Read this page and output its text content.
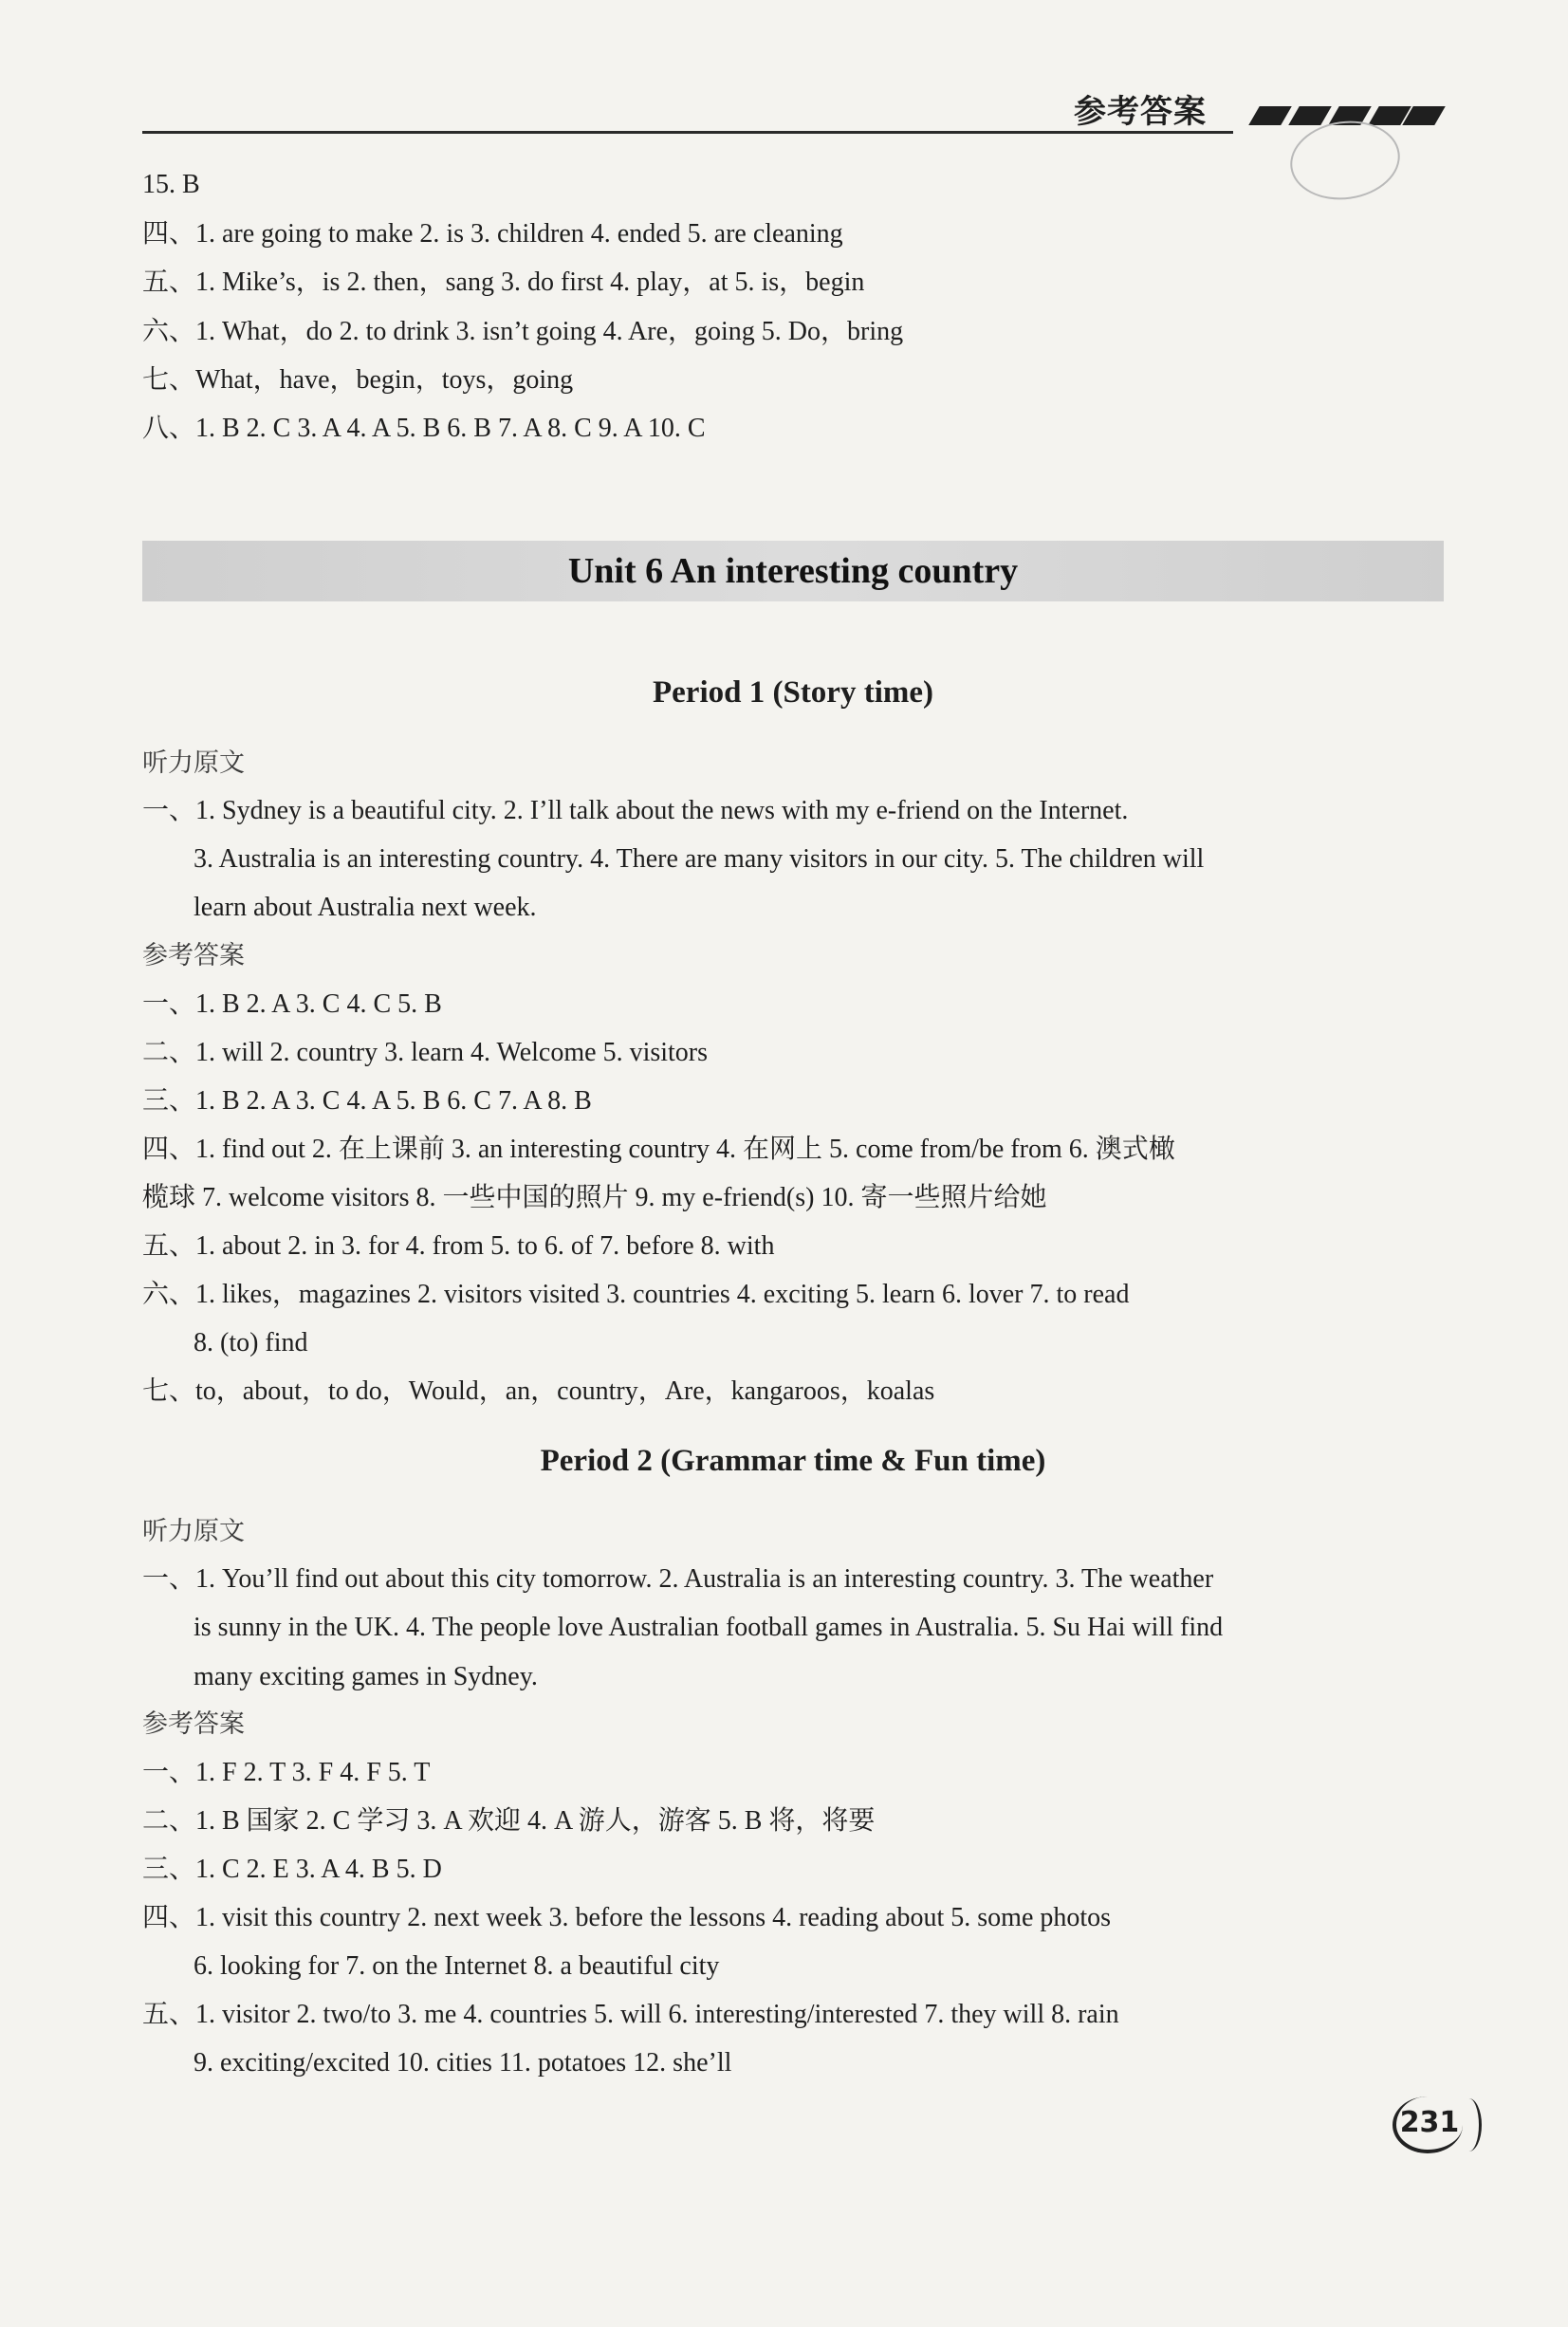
参考答案
15. B
四、1. are going to make 2. is 3. children 4. ended 5. are cleaning
五、1. Mike’s，is 2. then，sang 3. do first 4. play，at 5. is，begin
六、1. What，do 2. to drink 3. isn’t going 4. Are，going 5. Do，bring
七、What，have，begin，toys，going
八、1. B 2. C 3. A 4. A 5. B 6. B 7. A 8. C 9. A 10. C
Unit 6 An interesting country
Period 1 (Story time)
听力原文
一、1. Sydney is a beautiful city. 2. I’ll talk about the news with my e-friend on the Internet.
3. Australia is an interesting country. 4. There are many visitors in our city. 5. The children will
learn about Australia next week.
参考答案
一、1. B 2. A 3. C 4. C 5. B
二、1. will 2. country 3. learn 4. Welcome 5. visitors
三、1. B 2. A 3. C 4. A 5. B 6. C 7. A 8. B
四、1. find out 2. 在上课前 3. an interesting country 4. 在网上 5. come from/be from 6. 澳式橄
榄球 7. welcome visitors 8. 一些中国的照片 9. my e-friend(s) 10. 寄一些照片给她
五、1. about 2. in 3. for 4. from 5. to 6. of 7. before 8. with
六、1. likes，magazines 2. visitors visited 3. countries 4. exciting 5. learn 6. lover 7. to read
8. (to) find
七、to，about，to do，Would，an，country，Are，kangaroos，koalas
Period 2 (Grammar time & Fun time)
听力原文
一、1. You’ll find out about this city tomorrow. 2. Australia is an interesting country. 3. The weather
is sunny in the UK. 4. The people love Australian football games in Australia. 5. Su Hai will find
many exciting games in Sydney.
参考答案
一、1. F 2. T 3. F 4. F 5. T
二、1. B 国家 2. C 学习 3. A 欢迎 4. A 游人，游客 5. B 将，将要
三、1. C 2. E 3. A 4. B 5. D
四、1. visit this country 2. next week 3. before the lessons 4. reading about 5. some photos
6. looking for 7. on the Internet 8. a beautiful city
五、1. visitor 2. two/to 3. me 4. countries 5. will 6. interesting/interested 7. they will 8. rain
9. exciting/excited 10. cities 11. potatoes 12. she’ll
231
